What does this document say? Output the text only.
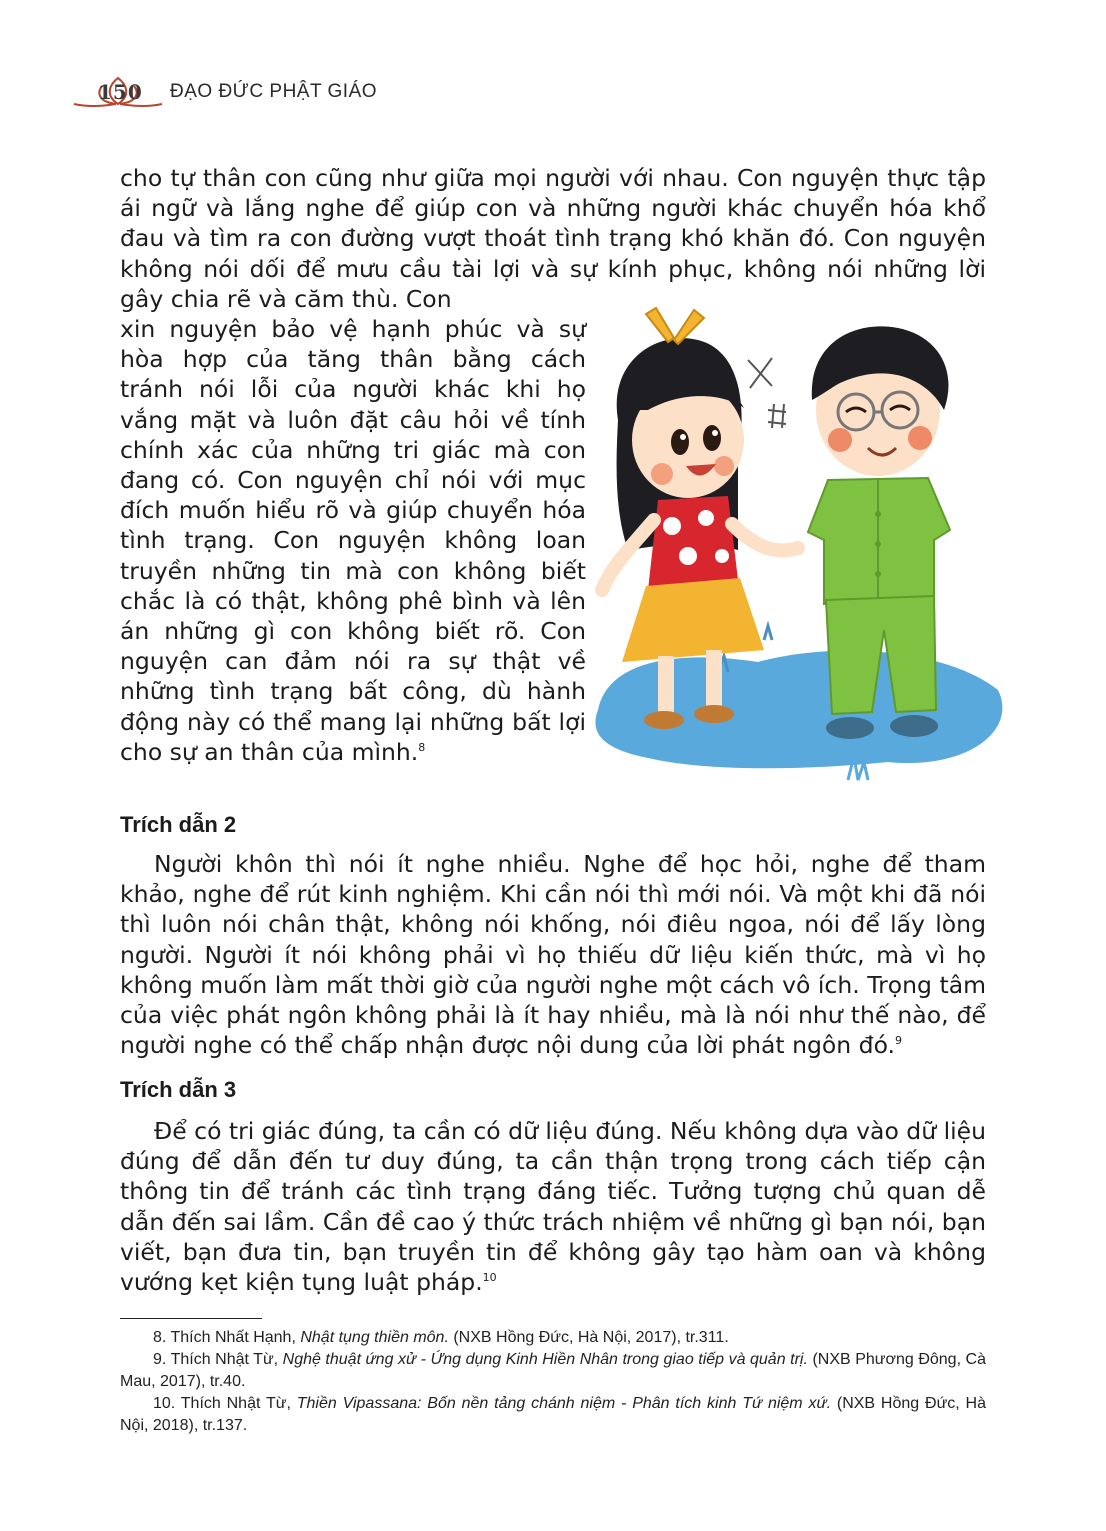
150 ĐẠO ĐỨC PHẬT GIÁO
cho tự thân con cũng như giữa mọi người với nhau. Con nguyện thực tập ái ngữ và lắng nghe để giúp con và những người khác chuyển hóa khổ đau và tìm ra con đường vượt thoát tình trạng khó khăn đó. Con nguyện không nói dối để mưu cầu tài lợi và sự kính phục, không nói những lời gây chia rẽ và căm thù. Con
xin nguyện bảo vệ hạnh phúc và sự hòa hợp của tăng thân bằng cách tránh nói lỗi của người khác khi họ vắng mặt và luôn đặt câu hỏi về tính chính xác của những tri giác mà con đang có. Con nguyện chỉ nói với mục đích muốn hiểu rõ và giúp chuyển hóa tình trạng. Con nguyện không loan truyền những tin mà con không biết chắc là có thật, không phê bình và lên án những gì con không biết rõ. Con nguyện can đảm nói ra sự thật về những tình trạng bất công, dù hành động này có thể mang lại những bất lợi cho sự an thân của mình.$^8$
Trích dẫn 2
Người khôn thì nói ít nghe nhiều. Nghe để học hỏi, nghe để tham khảo, nghe để rút kinh nghiệm. Khi cần nói thì mới nói. Và một khi đã nói thì luôn nói chân thật, không nói khống, nói điêu ngoa, nói để lấy lòng người. Người ít nói không phải vì họ thiếu dữ liệu kiến thức, mà vì họ không muốn làm mất thời giờ của người nghe một cách vô ích. Trọng tâm của việc phát ngôn không phải là ít hay nhiều, mà là nói như thế nào, để người nghe có thể chấp nhận được nội dung của lời phát ngôn đó.$^9$
Trích dẫn 3
Để có tri giác đúng, ta cần có dữ liệu đúng. Nếu không dựa vào dữ liệu đúng để dẫn đến tư duy đúng, ta cần thận trọng trong cách tiếp cận thông tin để tránh các tình trạng đáng tiếc. Tưởng tượng chủ quan dễ dẫn đến sai lầm. Cần đề cao ý thức trách nhiệm về những gì bạn nói, bạn viết, bạn đưa tin, bạn truyền tin để không gây tạo hàm oan và không vướng kẹt kiện tụng luật pháp.$^{10}$

8. Thích Nhất Hạnh, Nhật tụng thiền môn. (NXB Hồng Đức, Hà Nội, 2017), tr.311.

9. Thích Nhật Từ, Nghệ thuật ứng xử - Ứng dụng Kinh Hiền Nhân trong giao tiếp và quản trị. (NXB Phương Đông, Cà Mau, 2017), tr.40.

10. Thích Nhật Từ, Thiền Vipassana: Bốn nền tảng chánh niệm - Phân tích kinh Tứ niệm xứ. (NXB Hồng Đức, Hà Nội, 2018), tr.137.
